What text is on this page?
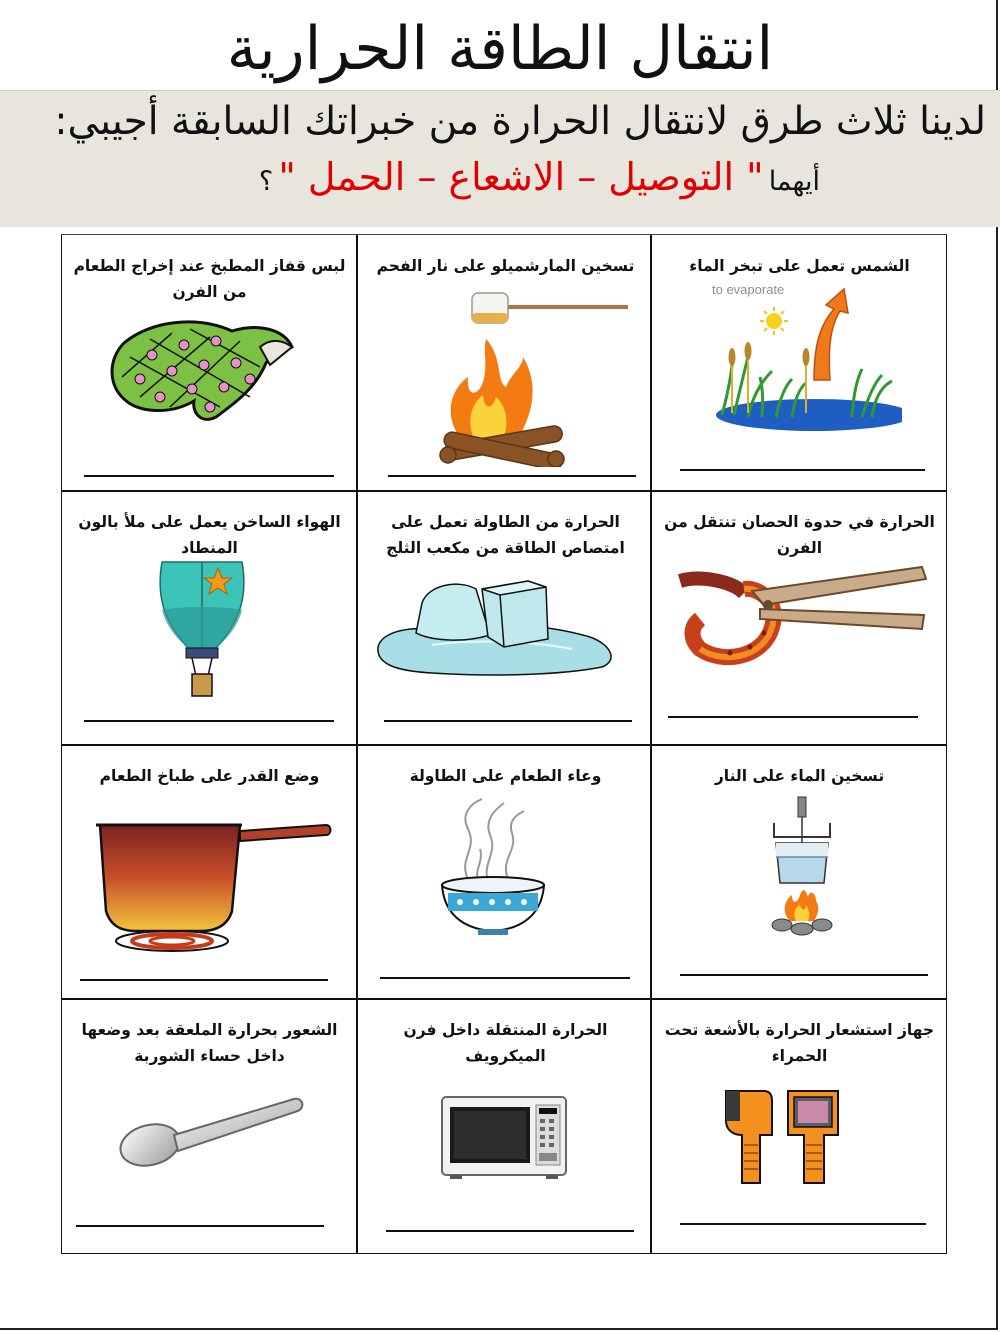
انتقال الطاقة الحرارية
لدينا ثلاث طرق لانتقال الحرارة من خبراتك السابقة أجيبي:
أيهما " التوصيل – الاشعاع – الحمل " ؟
الشمس تعمل على تبخر الماء
to evaporate
تسخين المارشميلو على نار الفحم
لبس قفاز المطبخ عند إخراج الطعام من الفرن
الحرارة في حدوة الحصان تنتقل من الفرن
الحرارة من الطاولة تعمل على امتصاص الطاقة من مكعب الثلج
الهواء الساخن يعمل على ملأ بالون المنطاد
تسخين الماء على النار
وعاء الطعام على الطاولة
وضع القدر على طباخ الطعام
جهاز استشعار الحرارة بالأشعة تحت الحمراء
الحرارة المنتقلة داخل فرن الميكرويف
الشعور بحرارة الملعقة بعد وضعها داخل حساء الشوربة
